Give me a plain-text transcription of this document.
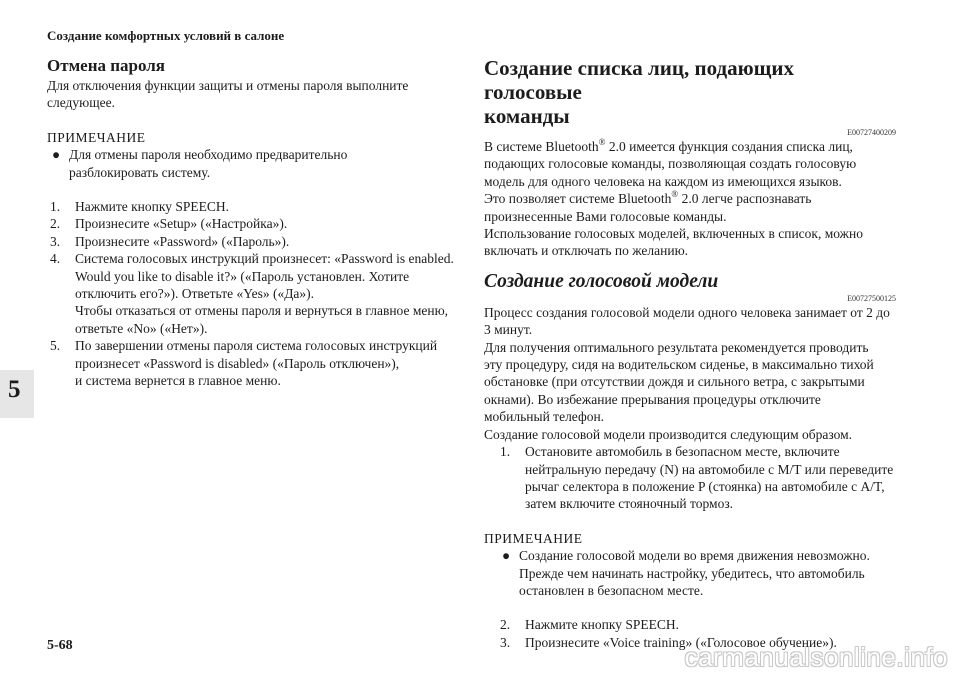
Создание комфортных условий в салоне
5
5-68	carmanualsonline.info
Отмена пароля
Для отключения функции защиты и отмены пароля выполните
следующее.
ПРИМЕЧАНИЕ
● Для отмены пароля необходимо предварительно
разблокировать систему.
1.	Нажмите кнопку SPEECH.
2.	Произнесите «Setup» («Настройка»).
3.	Произнесите «Password» («Пароль»).
4.	Система голосовых инструкций произнесет: «Password is enabled.
Would you like to disable it?» («Пароль установлен. Хотите
отключить его?»). Ответьте «Yes» («Да»).
Чтобы отказаться от отмены пароля и вернуться в главное меню,
ответьте «No» («Нет»).
5.	По завершении отмены пароля система голосовых инструкций
произнесет «Password is disabled» («Пароль отключен»),
и система вернется в главное меню.
Создание списка лиц, подающих голосовые
команды
E00727400209
В системе Bluetooth® 2.0 имеется функция создания списка лиц,
подающих голосовые команды, позволяющая создать голосовую
модель для одного человека на каждом из имеющихся языков.
Это позволяет системе Bluetooth® 2.0 легче распознавать
произнесенные Вами голосовые команды.
Использование голосовых моделей, включенных в список, можно
включать и отключать по желанию.
Создание голосовой модели
E00727500125
Процесс создания голосовой модели одного человека занимает от 2 до
3 минут.
Для получения оптимального результата рекомендуется проводить
эту процедуру, сидя на водительском сиденье, в максимально тихой
обстановке (при отсутствии дождя и сильного ветра, с закрытыми
окнами). Во избежание прерывания процедуры отключите
мобильный телефон.
Создание голосовой модели производится следующим образом.
1.	Остановите автомобиль в безопасном месте, включите
нейтральную передачу (N) на автомобиле с M/T или переведите
рычаг селектора в положение P (стоянка) на автомобиле с A/T,
затем включите стояночный тормоз.
ПРИМЕЧАНИЕ
● Создание голосовой модели во время движения невозможно.
Прежде чем начинать настройку, убедитесь, что автомобиль
остановлен в безопасном месте.
2.	Нажмите кнопку SPEECH.
3.	Произнесите «Voice training» («Голосовое обучение»).
